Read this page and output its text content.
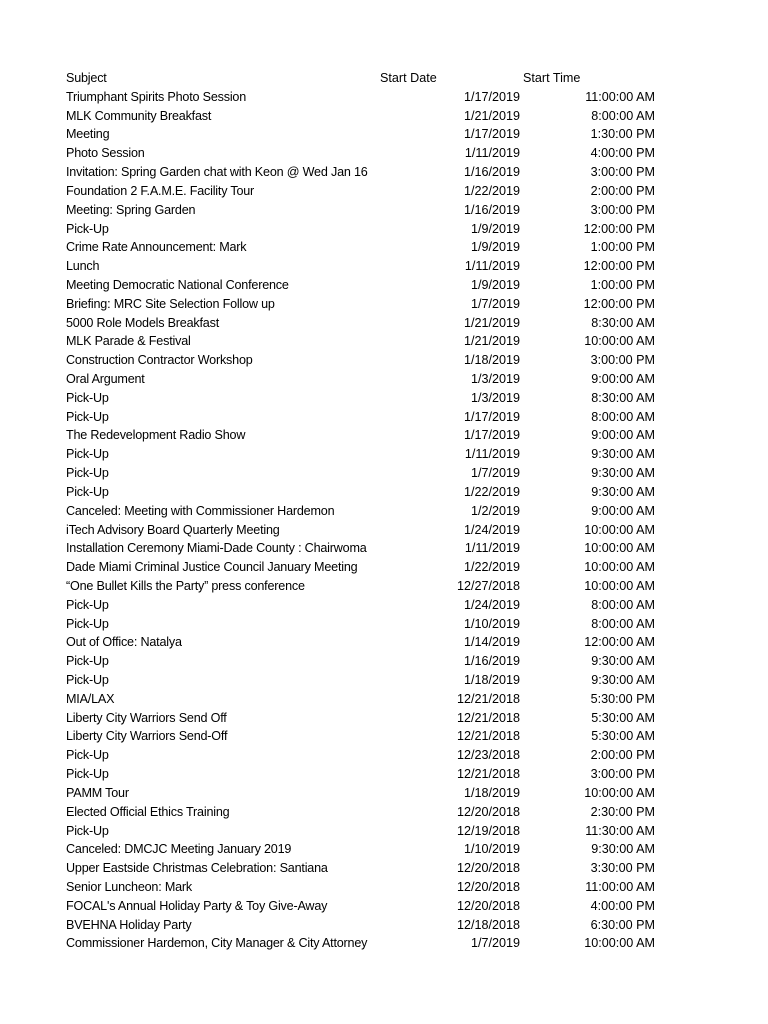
Subject	Start Date	Start Time
Triumphant Spirits Photo Session	1/17/2019	11:00:00 AM
MLK Community Breakfast	1/21/2019	8:00:00 AM
Meeting	1/17/2019	1:30:00 PM
Photo Session	1/11/2019	4:00:00 PM
Invitation: Spring Garden chat with Keon @ Wed Jan 16	1/16/2019	3:00:00 PM
Foundation 2 F.A.M.E. Facility Tour	1/22/2019	2:00:00 PM
Meeting: Spring Garden	1/16/2019	3:00:00 PM
Pick-Up	1/9/2019	12:00:00 PM
Crime Rate Announcement: Mark	1/9/2019	1:00:00 PM
Lunch	1/11/2019	12:00:00 PM
Meeting Democratic National Conference	1/9/2019	1:00:00 PM
Briefing: MRC Site Selection Follow up	1/7/2019	12:00:00 PM
5000 Role Models Breakfast	1/21/2019	8:30:00 AM
MLK Parade & Festival	1/21/2019	10:00:00 AM
Construction Contractor Workshop	1/18/2019	3:00:00 PM
Oral Argument	1/3/2019	9:00:00 AM
Pick-Up	1/3/2019	8:30:00 AM
Pick-Up	1/17/2019	8:00:00 AM
The Redevelopment Radio Show	1/17/2019	9:00:00 AM
Pick-Up	1/11/2019	9:30:00 AM
Pick-Up	1/7/2019	9:30:00 AM
Pick-Up	1/22/2019	9:30:00 AM
Canceled: Meeting with Commissioner Hardemon	1/2/2019	9:00:00 AM
iTech Advisory Board Quarterly Meeting	1/24/2019	10:00:00 AM
Installation Ceremony Miami-Dade County : Chairwoma	1/11/2019	10:00:00 AM
Dade Miami Criminal Justice Council January Meeting	1/22/2019	10:00:00 AM
“One Bullet Kills the Party” press conference	12/27/2018	10:00:00 AM
Pick-Up	1/24/2019	8:00:00 AM
Pick-Up	1/10/2019	8:00:00 AM
Out of Office: Natalya	1/14/2019	12:00:00 AM
Pick-Up	1/16/2019	9:30:00 AM
Pick-Up	1/18/2019	9:30:00 AM
MIA/LAX	12/21/2018	5:30:00 PM
Liberty City Warriors Send Off	12/21/2018	5:30:00 AM
Liberty City Warriors Send-Off	12/21/2018	5:30:00 AM
Pick-Up	12/23/2018	2:00:00 PM
Pick-Up	12/21/2018	3:00:00 PM
PAMM Tour	1/18/2019	10:00:00 AM
Elected Official Ethics Training	12/20/2018	2:30:00 PM
Pick-Up	12/19/2018	11:30:00 AM
Canceled: DMCJC Meeting January 2019	1/10/2019	9:30:00 AM
Upper Eastside Christmas Celebration: Santiana	12/20/2018	3:30:00 PM
Senior Luncheon: Mark	12/20/2018	11:00:00 AM
FOCAL's Annual Holiday Party & Toy Give-Away	12/20/2018	4:00:00 PM
BVEHNA Holiday Party	12/18/2018	6:30:00 PM
Commissioner Hardemon, City Manager & City Attorney	1/7/2019	10:00:00 AM
